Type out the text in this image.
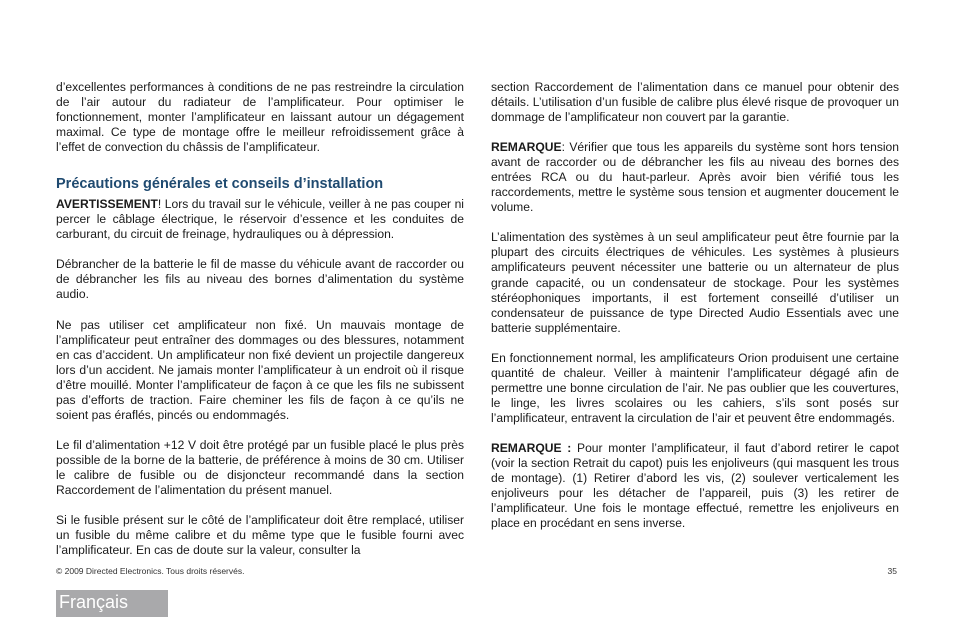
d’excellentes performances à conditions de ne pas restreindre la circulation de l’air autour du radiateur de l’amplificateur. Pour optimiser le fonctionnement, monter l’amplificateur en laissant autour un dégagement maximal. Ce type de montage offre le meilleur refroidissement grâce à l’effet de convection du châssis de l’amplificateur.

Précautions générales et conseils d’installation

AVERTISSEMENT! Lors du travail sur le véhicule, veiller à ne pas couper ni percer le câblage électrique, le réservoir d’essence et les conduites de carburant, du circuit de freinage, hydrauliques ou à dépression.

Débrancher de la batterie le fil de masse du véhicule avant de raccorder ou de débrancher les fils au niveau des bornes d’alimentation du système audio.

Ne pas utiliser cet amplificateur non fixé. Un mauvais montage de l’amplificateur peut entraîner des dommages ou des blessures, notamment en cas d’accident. Un amplificateur non fixé devient un projectile dangereux lors d’un accident. Ne jamais monter l’amplificateur à un endroit où il risque d’être mouillé. Monter l’amplificateur de façon à ce que les fils ne subissent pas d’efforts de traction. Faire cheminer les fils de façon à ce qu’ils ne soient pas éraflés, pincés ou endommagés.

Le fil d’alimentation +12 V doit être protégé par un fusible placé le plus près possible de la borne de la batterie, de préférence à moins de 30 cm. Utiliser le calibre de fusible ou de disjoncteur recommandé dans la section Raccordement de l’alimentation du présent manuel.

Si le fusible présent sur le côté de l’amplificateur doit être remplacé, utiliser un fusible du même calibre et du même type que le fusible fourni avec l’amplificateur. En cas de doute sur la valeur, consulter la

section Raccordement de l’alimentation dans ce manuel pour obtenir des détails. L’utilisation d’un fusible de calibre plus élevé risque de provoquer un dommage de l’amplificateur non couvert par la garantie.

REMARQUE: Vérifier que tous les appareils du système sont hors tension avant de raccorder ou de débrancher les fils au niveau des bornes des entrées RCA ou du haut-parleur. Après avoir bien vérifié tous les raccordements, mettre le système sous tension et augmenter doucement le volume.

L’alimentation des systèmes à un seul amplificateur peut être fournie par la plupart des circuits électriques de véhicules. Les systèmes à plusieurs amplificateurs peuvent nécessiter une batterie ou un alternateur de plus grande capacité, ou un condensateur de stockage. Pour les systèmes stéréophoniques importants, il est fortement conseillé d’utiliser un condensateur de puissance de type Directed Audio Essentials avec une batterie supplémentaire.

En fonctionnement normal, les amplificateurs Orion produisent une certaine quantité de chaleur. Veiller à maintenir l’amplificateur dégagé afin de permettre une bonne circulation de l’air. Ne pas oublier que les couvertures, le linge, les livres scolaires ou les cahiers, s’ils sont posés sur l’amplificateur, entravent la circulation de l’air et peuvent être endommagés.

REMARQUE : Pour monter l’amplificateur, il faut d’abord retirer le capot (voir la section Retrait du capot) puis les enjoliveurs (qui masquent les trous de montage). (1) Retirer d’abord les vis, (2) soulever verticalement les enjoliveurs pour les détacher de l’appareil, puis (3) les retirer de l’amplificateur. Une fois le montage effectué, remettre les enjoliveurs en place en procédant en sens inverse.

© 2009 Directed Electronics. Tous droits réservés.	35
Français
